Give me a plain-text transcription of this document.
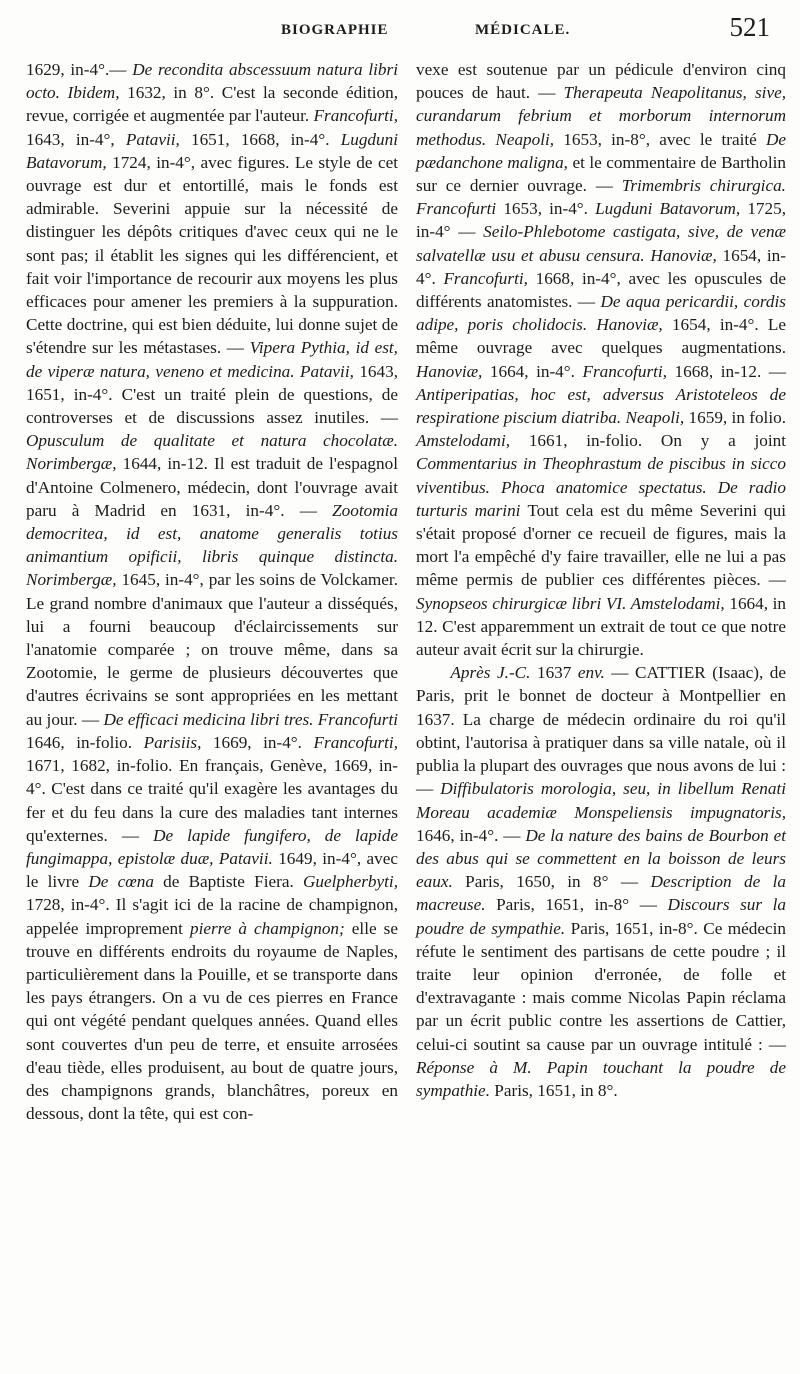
BIOGRAPHIE	MÉDICALE.	521

1629, in-4°.— De recondita abscessuum natura libri octo. Ibidem, 1632, in 8°. C'est la seconde édition, revue, corrigée et augmentée par l'auteur. Francofurti, 1643, in-4°, Patavii, 1651, 1668, in-4°. Lugduni Batavorum, 1724, in-4°, avec figures. Le style de cet ouvrage est dur et entortillé, mais le fonds est admirable. Severini appuie sur la nécessité de distinguer les dépôts critiques d'avec ceux qui ne le sont pas; il établit les signes qui les différencient, et fait voir l'importance de recourir aux moyens les plus efficaces pour amener les premiers à la suppuration. Cette doctrine, qui est bien déduite, lui donne sujet de s'étendre sur les métastases. — Vipera Pythia, id est, de viperæ natura, veneno et medicina. Patavii, 1643, 1651, in-4°. C'est un traité plein de questions, de controverses et de discussions assez inutiles. — Opusculum de qualitate et natura chocolatæ. Norimbergæ, 1644, in-12. Il est traduit de l'espagnol d'Antoine Colmenero, médecin, dont l'ouvrage avait paru à Madrid en 1631, in-4°. — Zootomia democritea, id est, anatome generalis totius animantium opificii, libris quinque distincta. Norimbergæ, 1645, in-4°, par les soins de Volckamer. Le grand nombre d'animaux que l'auteur a disséqués, lui a fourni beaucoup d'éclaircissements sur l'anatomie comparée ; on trouve même, dans sa Zootomie, le germe de plusieurs découvertes que d'autres écrivains se sont appropriées en les mettant au jour. — De efficaci medicina libri tres. Francofurti 1646, in-folio. Parisiis, 1669, in-4°. Francofurti, 1671, 1682, in-folio. En français, Genève, 1669, in-4°. C'est dans ce traité qu'il exagère les avantages du fer et du feu dans la cure des maladies tant internes qu'externes. — De lapide fungifero, de lapide fungimappa, epistolæ duæ, Patavii. 1649, in-4°, avec le livre De cœna de Baptiste Fiera. Guelpherbyti, 1728, in-4°. Il s'agit ici de la racine de champignon, appelée improprement pierre à champignon; elle se trouve en différents endroits du royaume de Naples, particulièrement dans la Pouille, et se transporte dans les pays étrangers. On a vu de ces pierres en France qui ont végété pendant quelques années. Quand elles sont couvertes d'un peu de terre, et ensuite arrosées d'eau tiède, elles produisent, au bout de quatre jours, des champignons grands, blanchâtres, poreux en dessous, dont la tête, qui est con-

vexe est soutenue par un pédicule d'environ cinq pouces de haut. — Therapeuta Neapolitanus, sive, curandarum febrium et morborum internorum methodus. Neapoli, 1653, in-8°, avec le traité De pædanchone maligna, et le commentaire de Bartholin sur ce dernier ouvrage. — Trimembris chirurgica. Francofurti 1653, in-4°. Lugduni Batavorum, 1725, in-4° — Seilo-Phlebotome castigata, sive, de venæ salvatellæ usu et abusu censura. Hanoviæ, 1654, in-4°. Francofurti, 1668, in-4°, avec les opuscules de différents anatomistes. — De aqua pericardii, cordis adipe, poris cholidocis. Hanoviæ, 1654, in-4°. Le même ouvrage avec quelques augmentations. Hanoviæ, 1664, in-4°. Francofurti, 1668, in-12. — Antiperipatias, hoc est, adversus Aristoteleos de respiratione piscium diatriba. Neapoli, 1659, in folio. Amstelodami, 1661, in-folio. On y a joint Commentarius in Theophrastum de piscibus in sicco viventibus. Phoca anatomice spectatus. De radio turturis marini Tout cela est du même Severini qui s'était proposé d'orner ce recueil de figures, mais la mort l'a empêché d'y faire travailler, elle ne lui a pas même permis de publier ces différentes pièces. — Synopseos chirurgicæ libri VI. Amstelodami, 1664, in 12. C'est apparemment un extrait de tout ce que notre auteur avait écrit sur la chirurgie.

Après J.-C. 1637 env. — CATTIER (Isaac), de Paris, prit le bonnet de docteur à Montpellier en 1637. La charge de médecin ordinaire du roi qu'il obtint, l'autorisa à pratiquer dans sa ville natale, où il publia la plupart des ouvrages que nous avons de lui : — Diffibulatoris morologia, seu, in libellum Renati Moreau academiæ Monspeliensis impugnatoris, 1646, in-4°. — De la nature des bains de Bourbon et des abus qui se commettent en la boisson de leurs eaux. Paris, 1650, in 8° — Description de la macreuse. Paris, 1651, in-8° — Discours sur la poudre de sympathie. Paris, 1651, in-8°. Ce médecin réfute le sentiment des partisans de cette poudre ; il traite leur opinion d'erronée, de folle et d'extravagante : mais comme Nicolas Papin réclama par un écrit public contre les assertions de Cattier, celui-ci soutint sa cause par un ouvrage intitulé : — Réponse à M. Papin touchant la poudre de sympathie. Paris, 1651, in 8°.
